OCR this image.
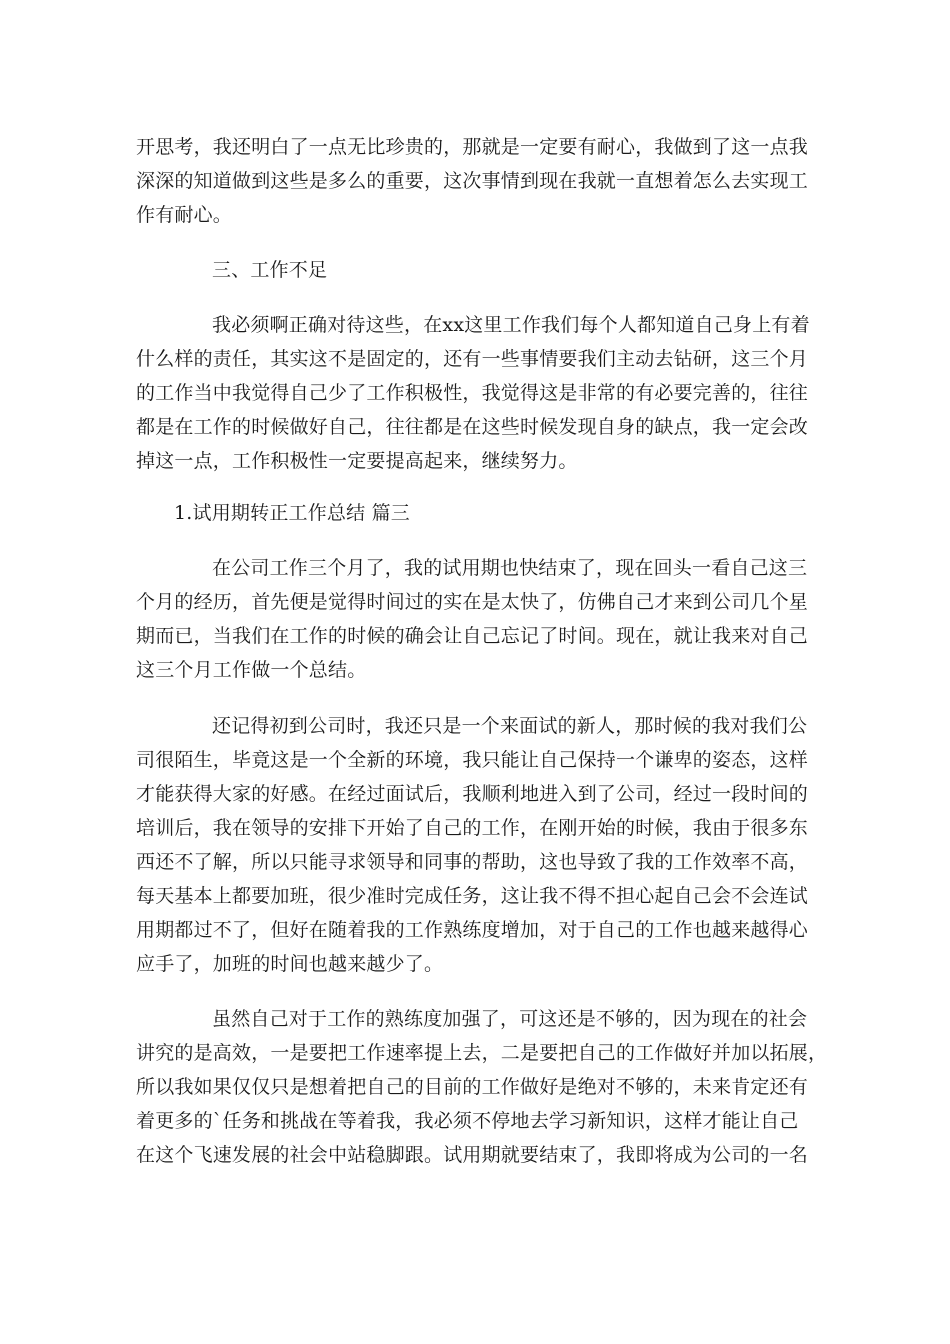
开思考，我还明白了一点无比珍贵的，那就是一定要有耐心，我做到了这一点我
深深的知道做到这些是多么的重要，这次事情到现在我就一直想着怎么去实现工
作有耐心。
三、工作不足
我必须啊正确对待这些，在xx这里工作我们每个人都知道自己身上有着
什么样的责任，其实这不是固定的，还有一些事情要我们主动去钻研，这三个月
的工作当中我觉得自己少了工作积极性，我觉得这是非常的有必要完善的，往往
都是在工作的时候做好自己，往往都是在这些时候发现自身的缺点，我一定会改
掉这一点，工作积极性一定要提高起来，继续努力。
1.试用期转正工作总结 篇三
在公司工作三个月了，我的试用期也快结束了，现在回头一看自己这三
个月的经历，首先便是觉得时间过的实在是太快了，仿佛自己才来到公司几个星
期而已，当我们在工作的时候的确会让自己忘记了时间。现在，就让我来对自己
这三个月工作做一个总结。
还记得初到公司时，我还只是一个来面试的新人，那时候的我对我们公
司很陌生，毕竟这是一个全新的环境，我只能让自己保持一个谦卑的姿态，这样
才能获得大家的好感。在经过面试后，我顺利地进入到了公司，经过一段时间的
培训后，我在领导的安排下开始了自己的工作，在刚开始的时候，我由于很多东
西还不了解，所以只能寻求领导和同事的帮助，这也导致了我的工作效率不高，
每天基本上都要加班，很少准时完成任务，这让我不得不担心起自己会不会连试
用期都过不了，但好在随着我的工作熟练度增加，对于自己的工作也越来越得心
应手了，加班的时间也越来越少了。
虽然自己对于工作的熟练度加强了，可这还是不够的，因为现在的社会
讲究的是高效，一是要把工作速率提上去，二是要把自己的工作做好并加以拓展，
所以我如果仅仅只是想着把自己的目前的工作做好是绝对不够的，未来肯定还有
着更多的`任务和挑战在等着我，我必须不停地去学习新知识，这样才能让自己
在这个飞速发展的社会中站稳脚跟。试用期就要结束了，我即将成为公司的一名
